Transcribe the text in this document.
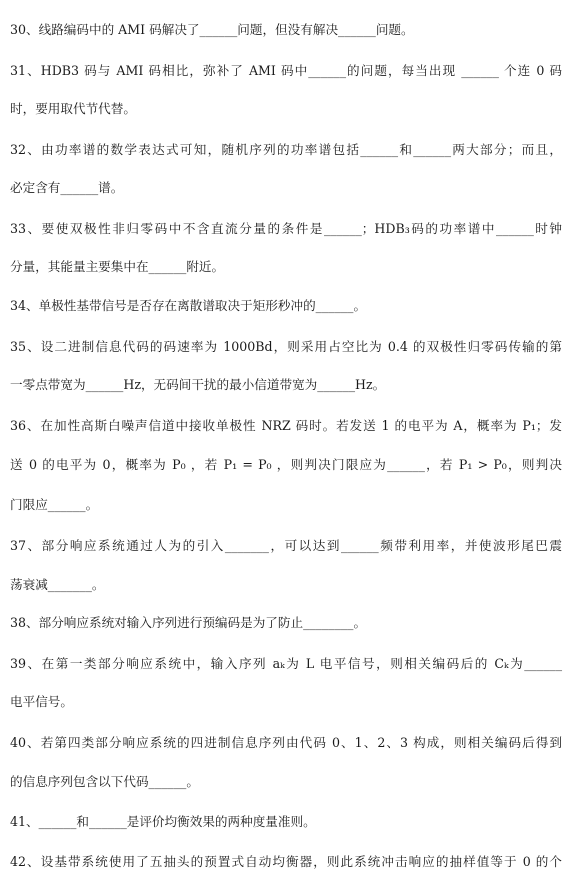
30、线路编码中的 AMI 码解决了______问题，但没有解决______问题。
31、HDB3 码与 AMI 码相比，弥补了 AMI 码中______的问题，每当出现 ______ 个连 0 码
时，要用取代节代替。
32、由功率谱的数学表达式可知，随机序列的功率谱包括______和______两大部分；而且，
必定含有______谱。
33、要使双极性非归零码中不含直流分量的条件是______；HDB₃码的功率谱中______时钟
分量，其能量主要集中在______附近。
34、单极性基带信号是否存在离散谱取决于矩形秒冲的______。
35、设二进制信息代码的码速率为 1000Bd，则采用占空比为 0.4 的双极性归零码传输的第
一零点带宽为______Hz，无码间干扰的最小信道带宽为______Hz。
36、在加性高斯白噪声信道中接收单极性 NRZ 码时。若发送 1 的电平为 A，概率为 P₁；发
送 0 的电平为 0，概率为 P₀ ，若 P₁ = P₀ ，则判决门限应为______，若 P₁ > P₀，则判决
门限应______。
37、部分响应系统通过人为的引入_______，可以达到______频带利用率，并使波形尾巴震
荡衰减_______。
38、部分响应系统对输入序列进行预编码是为了防止________。
39、在第一类部分响应系统中，输入序列 aₖ为 L 电平信号，则相关编码后的 Cₖ为______
电平信号。
40、若第四类部分响应系统的四进制信息序列由代码 0、1、2、3 构成，则相关编码后得到
的信息序列包含以下代码______。
41、______和______是评价均衡效果的两种度量准则。
42、设基带系统使用了五抽头的预置式自动均衡器，则此系统冲击响应的抽样值等于 0 的个
